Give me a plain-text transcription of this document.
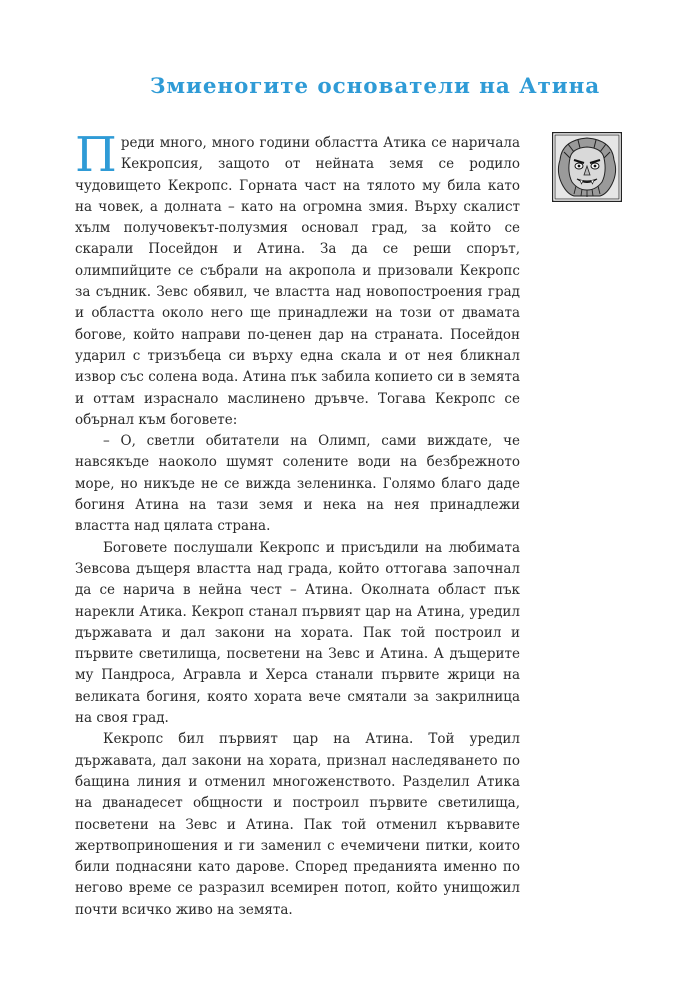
Змиеногите основатели на Атина

Преди много, много години областта Атика се наричала Кекропсия, защото от нейната земя се родило чудовището Кекропс. Горната част на тялото му била като на човек, а долната – като на огромна змия. Върху скалист хълм получовекът-полузмия основал град, за който се скарали Посейдон и Атина. За да се реши спорът, олимпийците се събрали на акропола и призовали Кекропс за съдник. Зевс обявил, че властта над новопостроения град и областта около него ще принадлежи на този от двамата богове, който направи по-ценен дар на страната. Посейдон ударил с тризъбеца си върху една скала и от нея бликнал извор със солена вода. Атина пък забила копието си в земята и оттам израснало маслинено дръвче. Тогава Кекропс се обърнал към боговете:

– О, светли обитатели на Олимп, сами виждате, че навсякъде наоколо шумят солените води на безбрежното море, но никъде не се вижда зеленинка. Голямо благо даде богиня Атина на тази земя и нека на нея принадлежи властта над цялата страна.

Боговете послушали Кекропс и присъдили на любимата Зевсова дъщеря властта над града, който оттогава започнал да се нарича в нейна чест – Атина. Околната област пък нарекли Атика. Кекроп станал първият цар на Атина, уредил държавата и дал закони на хората. Пак той построил и първите светилища, посветени на Зевс и Атина. А дъщерите му Пандроса, Агравла и Херса станали първите жрици на великата богиня, която хората вече смятали за закрилница на своя град.

Кекропс бил първият цар на Атина. Той уредил държавата, дал закони на хората, признал наследяването по бащина линия и отменил многоженството. Разделил Атика на дванадесет общности и построил първите светилища, посветени на Зевс и Атина. Пак той отменил кървавите жертвоприношения и ги заменил с ечемичени питки, които били поднасяни като дарове. Според преданията именно по негово време се разразил всемирен потоп, който унищожил почти всичко живо на земята.
